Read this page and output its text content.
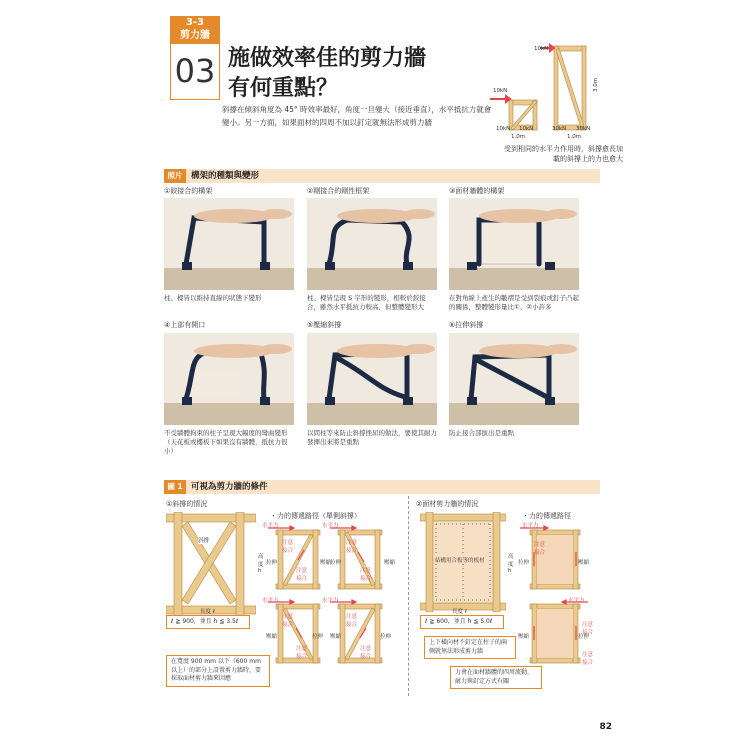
3-3
剪力牆
03 施做效率佳的剪力牆
有何重點？
斜撐在傾斜角度為 45° 時效率最好，角度一旦變大（接近垂直），水平抵抗力就會變小。另一方面，如果面材的四周不加以釘定就無法形成剪力牆
10kN
10kN
1.0m	1.0m
3.0m
10kN 10kN	30kN 30kN
受到相同的水平力作用時，斜撐愈長加載的斜撐上的力也愈大
照片	構架的種類與變形
①鉸接合的構架
柱、樑皆以維持直線的狀態下變形
②剛接合的剛性框架
柱、樑皆呈現 S 字形的變形，相較於鉸接合，雖然水平抵抗力較高，但整體變形大
③面材牆體的構架
在對角線上產生的皺褶是受到裂痕或釘子凸起的關係，整體變形量比①、②小許多
④上部有開口
不受牆體拘束的柱子呈現大幅度的彎曲變形（天花板或樓板下如果沒有牆體，抵抗力很小）
⑤壓縮斜撐
以間柱等來防止斜撐挫屈的做法，要使其耐力發揮出來將是重點
⑥拉伸斜撐
防止接合部拔出是重點
圖 1 可視為剪力牆的條件
①斜撐的情況
斜撐
高度 h
長度 ℓ
ℓ ≧ 900，並且 h ≦ 3.5ℓ
在寬度 900 mm 以下（600 mm 以上）的部分上設置剪力牆時，要採取面材剪力牆來因應
・力的傳遞路徑（單側斜撐）
水平力	水平力
水平力
水平力
注意接合
注意接合
注意接合
注意接合
拉伸	壓縮
拉伸	壓縮
壓縮	拉伸 壓縮	拉伸
注意接合
注意接合
注意接合
注意接合
②面材剪力牆的情況
結構用合板等的板材
高度 h
長度 ℓ
ℓ ≧ 600，並且 h ≦ 5.0ℓ
上下橫向材不釘定在柱子的兩側就無法形成剪力牆
力會在面材牆體的四周流動，耐力與釘定方式有關
・力的傳遞路徑
水平力
水平力
注意接合
注意接合
拉伸	壓縮
壓縮	拉伸
注意接合
82
